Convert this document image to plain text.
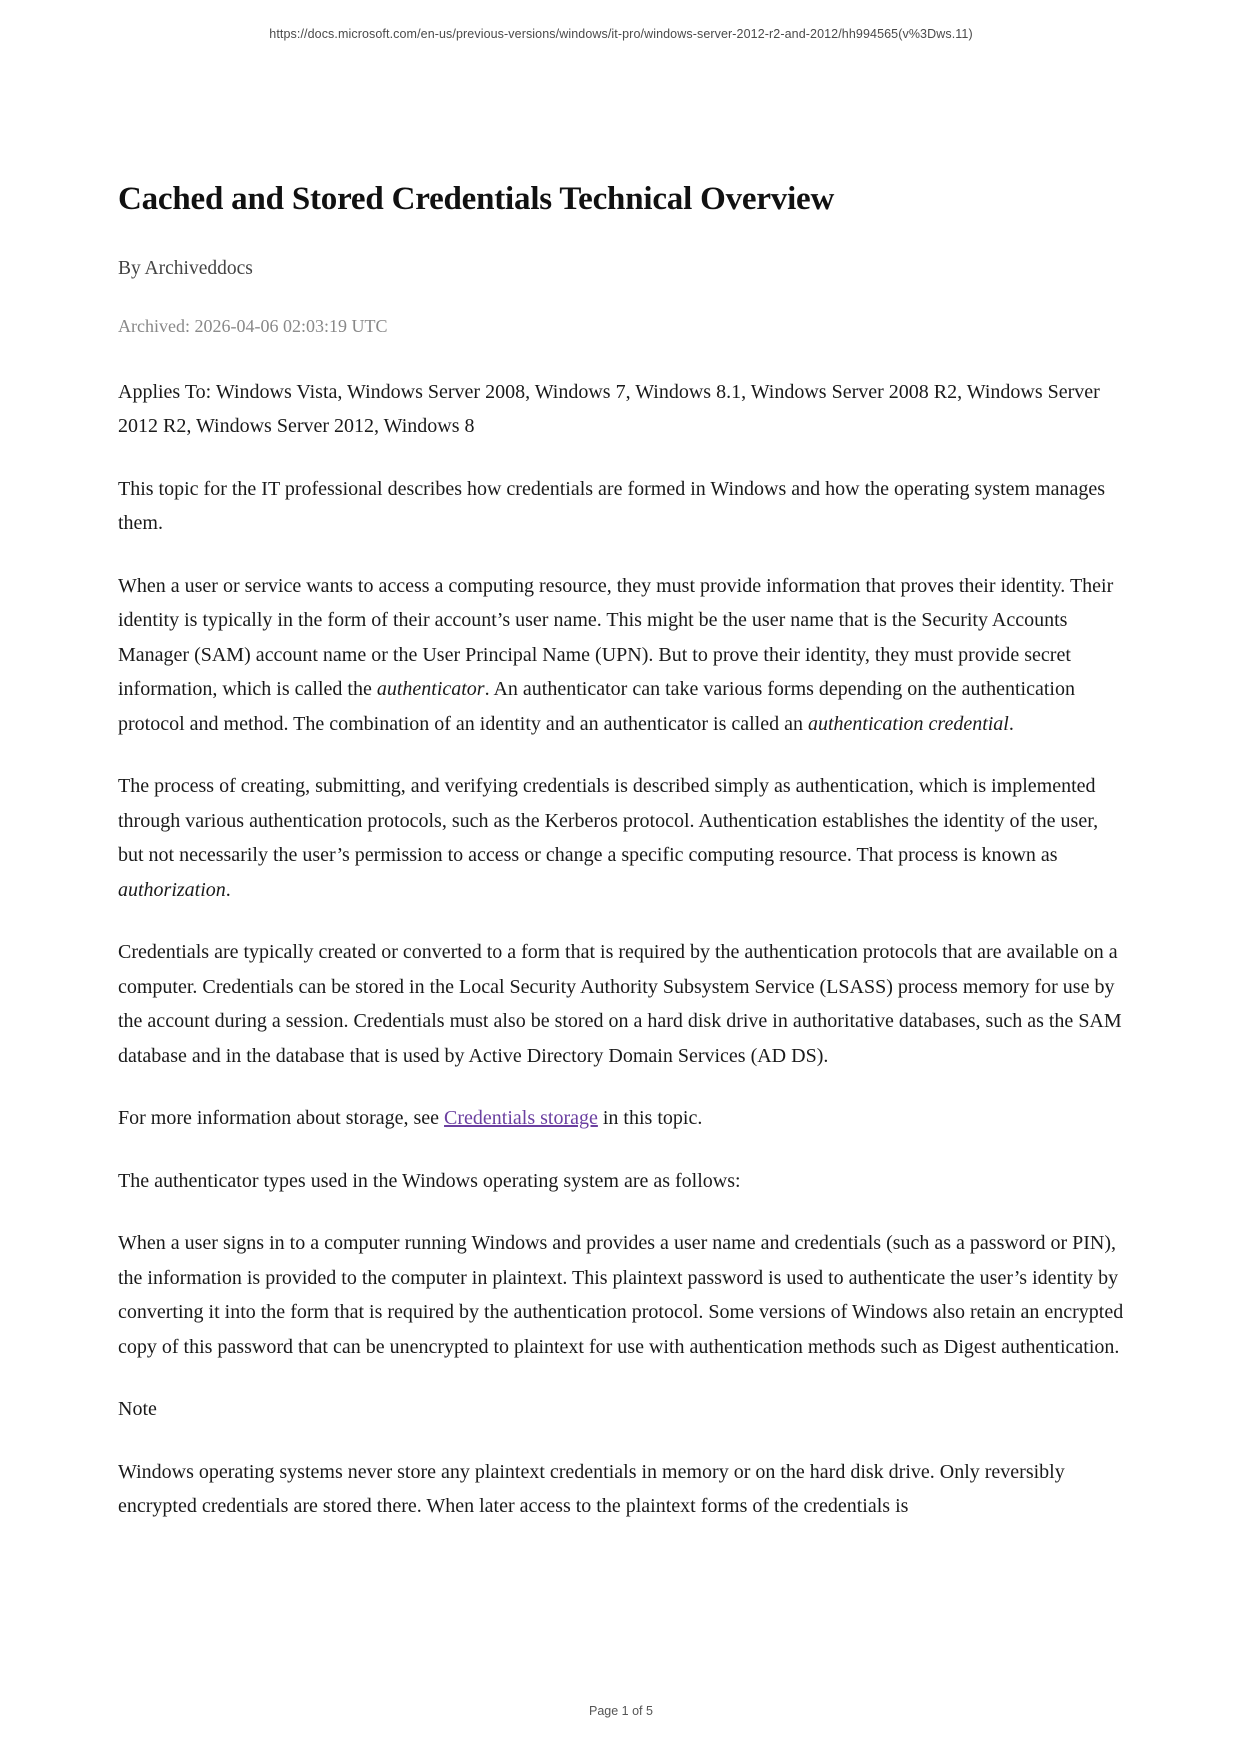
https://docs.microsoft.com/en-us/previous-versions/windows/it-pro/windows-server-2012-r2-and-2012/hh994565(v%3Dws.11)
Cached and Stored Credentials Technical Overview

By Archiveddocs

Archived: 2026-04-06 02:03:19 UTC

Applies To: Windows Vista, Windows Server 2008, Windows 7, Windows 8.1, Windows Server 2008 R2, Windows Server 2012 R2, Windows Server 2012, Windows 8

This topic for the IT professional describes how credentials are formed in Windows and how the operating system manages them.

When a user or service wants to access a computing resource, they must provide information that proves their identity. Their identity is typically in the form of their account’s user name. This might be the user name that is the Security Accounts Manager (SAM) account name or the User Principal Name (UPN). But to prove their identity, they must provide secret information, which is called the authenticator. An authenticator can take various forms depending on the authentication protocol and method. The combination of an identity and an authenticator is called an authentication credential.

The process of creating, submitting, and verifying credentials is described simply as authentication, which is implemented through various authentication protocols, such as the Kerberos protocol. Authentication establishes the identity of the user, but not necessarily the user’s permission to access or change a specific computing resource. That process is known as authorization.

Credentials are typically created or converted to a form that is required by the authentication protocols that are available on a computer. Credentials can be stored in the Local Security Authority Subsystem Service (LSASS) process memory for use by the account during a session. Credentials must also be stored on a hard disk drive in authoritative databases, such as the SAM database and in the database that is used by Active Directory Domain Services (AD DS).

For more information about storage, see Credentials storage in this topic.

The authenticator types used in the Windows operating system are as follows:

When a user signs in to a computer running Windows and provides a user name and credentials (such as a password or PIN), the information is provided to the computer in plaintext. This plaintext password is used to authenticate the user’s identity by converting it into the form that is required by the authentication protocol. Some versions of Windows also retain an encrypted copy of this password that can be unencrypted to plaintext for use with authentication methods such as Digest authentication.

Note

Windows operating systems never store any plaintext credentials in memory or on the hard disk drive. Only reversibly encrypted credentials are stored there. When later access to the plaintext forms of the credentials is

Page 1 of 5
